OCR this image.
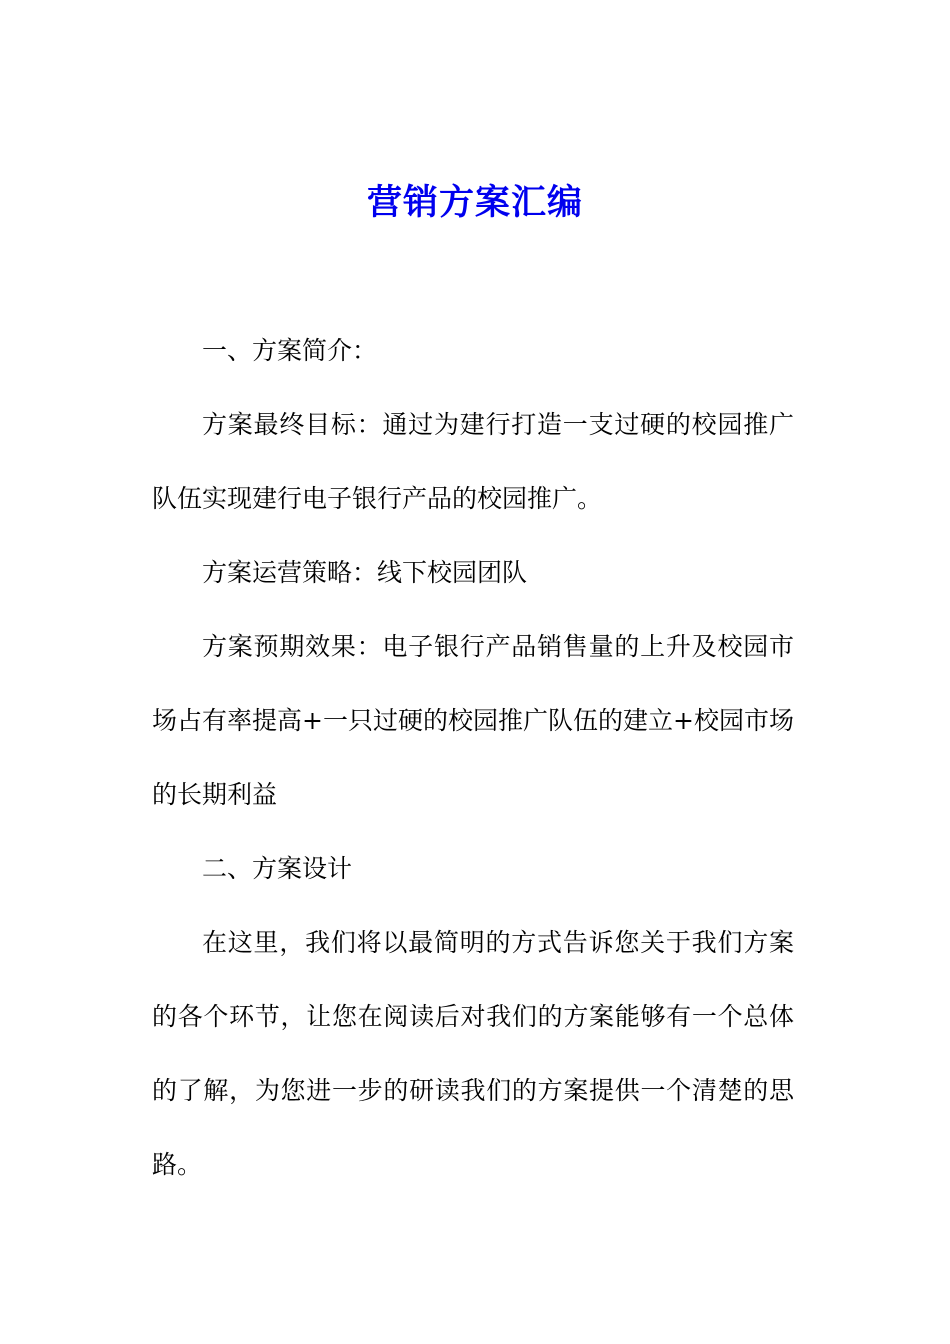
营销方案汇编

一、方案简介：

方案最终目标：通过为建行打造一支过硬的校园推广队伍实现建行电子银行产品的校园推广。

方案运营策略：线下校园团队

方案预期效果：电子银行产品销售量的上升及校园市场占有率提高+一只过硬的校园推广队伍的建立+校园市场的长期利益

二、方案设计

在这里，我们将以最简明的方式告诉您关于我们方案的各个环节，让您在阅读后对我们的方案能够有一个总体的了解，为您进一步的研读我们的方案提供一个清楚的思路。
